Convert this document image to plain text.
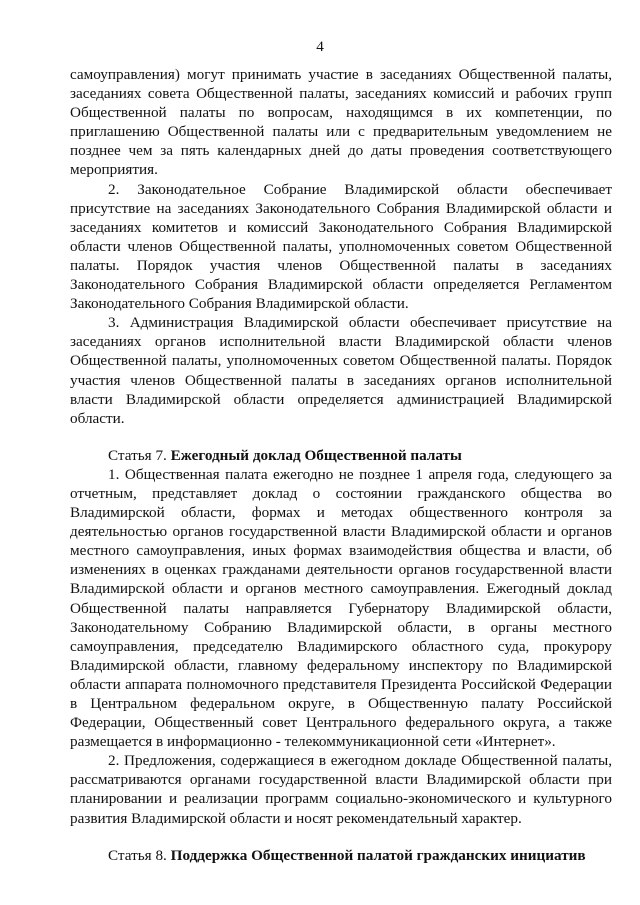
4

самоуправления) могут принимать участие в заседаниях Общественной палаты, заседаниях совета Общественной палаты, заседаниях комиссий и рабочих групп Общественной палаты по вопросам, находящимся в их компетенции, по приглашению Общественной палаты или с предварительным уведомлением не позднее чем за пять календарных дней до даты проведения соответствующего мероприятия.

2. Законодательное Собрание Владимирской области обеспечивает присутствие на заседаниях Законодательного Собрания Владимирской области и заседаниях комитетов и комиссий Законодательного Собрания Владимирской области членов Общественной палаты, уполномоченных советом Общественной палаты. Порядок участия членов Общественной палаты в заседаниях Законодательного Собрания Владимирской области определяется Регламентом Законодательного Собрания Владимирской области.

3. Администрация Владимирской области обеспечивает присутствие на заседаниях органов исполнительной власти Владимирской области членов Общественной палаты, уполномоченных советом Общественной палаты. Порядок участия членов Общественной палаты в заседаниях органов исполнительной власти Владимирской области определяется администрацией Владимирской области.

Статья 7. Ежегодный доклад Общественной палаты

1. Общественная палата ежегодно не позднее 1 апреля года, следующего за отчетным, представляет доклад о состоянии гражданского общества во Владимирской области, формах и методах общественного контроля за деятельностью органов государственной власти Владимирской области и органов местного самоуправления, иных формах взаимодействия общества и власти, об изменениях в оценках гражданами деятельности органов государственной власти Владимирской области и органов местного самоуправления. Ежегодный доклад Общественной палаты направляется Губернатору Владимирской области, Законодательному Собранию Владимирской области, в органы местного самоуправления, председателю Владимирского областного суда, прокурору Владимирской области, главному федеральному инспектору по Владимирской области аппарата полномочного представителя Президента Российской Федерации в Центральном федеральном округе, в Общественную палату Российской Федерации, Общественный совет Центрального федерального округа, а также размещается в информационно - телекоммуникационной сети «Интернет».

2. Предложения, содержащиеся в ежегодном докладе Общественной палаты, рассматриваются органами государственной власти Владимирской области при планировании и реализации программ социально-экономического и культурного развития Владимирской области и носят рекомендательный характер.

Статья 8. Поддержка Общественной палатой гражданских инициатив
